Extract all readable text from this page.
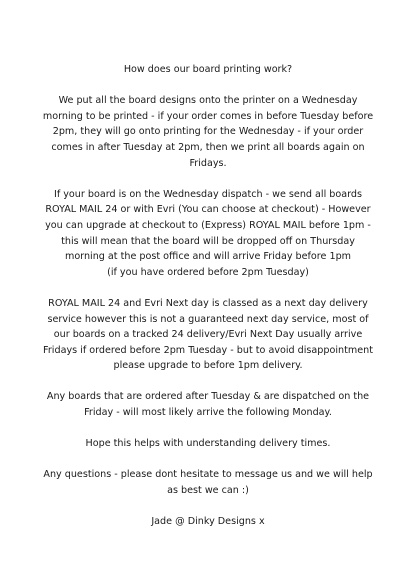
How does our board printing work?

We put all the board designs onto the printer on a Wednesday
morning to be printed - if your order comes in before Tuesday before
2pm, they will go onto printing for the Wednesday - if your order
comes in after Tuesday at 2pm, then we print all boards again on
Fridays.

If your board is on the Wednesday dispatch - we send all boards
ROYAL MAIL 24 or with Evri (You can choose at checkout) - However
you can upgrade at checkout to (Express) ROYAL MAIL before 1pm -
this will mean that the board will be dropped off on Thursday
morning at the post office and will arrive Friday before 1pm
(if you have ordered before 2pm Tuesday)

ROYAL MAIL 24 and Evri Next day is classed as a next day delivery
service however this is not a guaranteed next day service, most of
our boards on a tracked 24 delivery/Evri Next Day usually arrive
Fridays if ordered before 2pm Tuesday - but to avoid disappointment
please upgrade to before 1pm delivery.

Any boards that are ordered after Tuesday & are dispatched on the
Friday - will most likely arrive the following Monday.

Hope this helps with understanding delivery times.

Any questions - please dont hesitate to message us and we will help
as best we can :)

Jade @ Dinky Designs x
